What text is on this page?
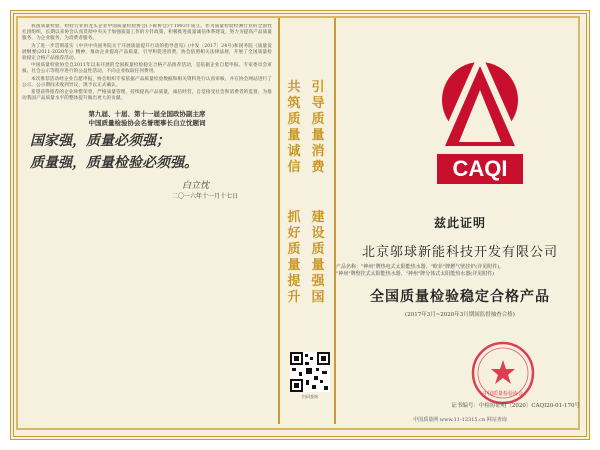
我国质量检验、检验行业的龙头企业中国质量检验协会(下称协会)于1993年成立。作为质量检验检测行业的全国性社团组织，长期以来协会认真贯彻中央关于加强质量工作的方针政策，积极推进质量诚信体系建设，努力为提高产品质量服务，为企业服务，为消费者服务。

为了进一步贯彻落实《中共中央国务院关于开展质量提升行动的指导意见》(中发〔2017〕24号)和国务院《质量发展纲要(2011-2020年)》精神，推动企业提高产品质量，引导和促进消费，协会依照相关法律法规，开展了全国质量检验稳定合格产品推荐活动。

中国质量检验协会自2011年以来开展的全国质量检验稳定合格产品推荐活动，是依据企业自愿申报、专家委员会审核、社会公示等程序进行的公益性活动，不向企业收取任何费用。

本次推荐活动经企业自愿申报，协会组织专家依据产品质量检验数据和相关资料进行认真审核，并在协会网站进行了公示。公示期间未收到异议，现予以正式确认。

希望获得推荐的企业珍惜荣誉，严格质量管理，持续提高产品质量，诚信经营，自觉接受社会和消费者的监督，为推动我国产品质量水平的整体提升做出更大的贡献。

第九届、十届、第十一届全国政协副主席
中国质量检验协会名誉理事长白立忱题词
国家强，质量必须强；
质量强，质量检验必须强。
白立忱
二〇一六年十一月十七日
共筑质量诚信
引导质量消费
抓好质量提升
建设质量强国
CAQI
兹此证明
北京邬球新能科技开发有限公司
产品名称："神州"牌热电式太阳能热水器、"欧菲"牌燃气壁挂炉(详见附件)，
"神州"牌壁挂式太阳能热水器、"神州"牌分体式太阳能热水器(详见附件)
全国质量检验稳定合格产品
(2017年3月~2020年3月期间监督抽查合格)
扫码查询	中国质量检验协会
证书编号：中检协证明〔2020〕CAQI20-01-170号
中国质量网 www.11-12315.cn 网站查询
